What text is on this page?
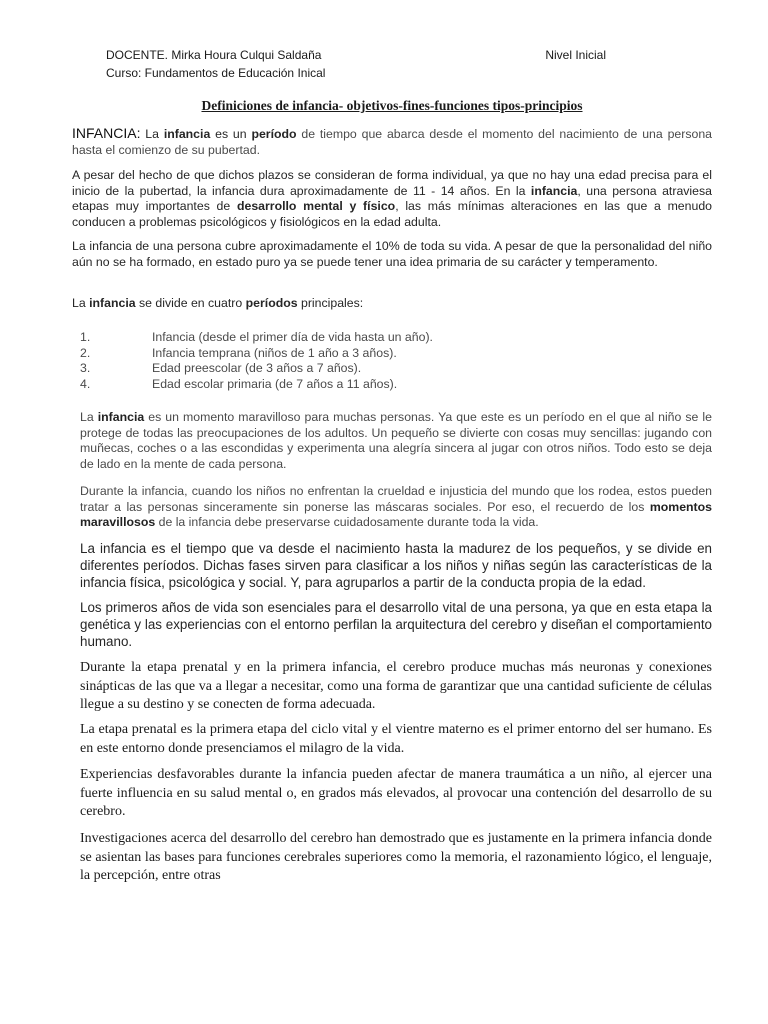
DOCENTE. Mirka Houra Culqui Saldaña	Nivel Inicial
Curso: Fundamentos de Educación Inical
Definiciones de infancia- objetivos-fines-funciones tipos-principios
INFANCIA: La infancia es un período de tiempo que abarca desde el momento del nacimiento de una persona hasta el comienzo de su pubertad.
A pesar del hecho de que dichos plazos se consideran de forma individual, ya que no hay una edad precisa para el inicio de la pubertad, la infancia dura aproximadamente de 11 - 14 años. En la infancia, una persona atraviesa etapas muy importantes de desarrollo mental y físico, las más mínimas alteraciones en las que a menudo conducen a problemas psicológicos y fisiológicos en la edad adulta.
La infancia de una persona cubre aproximadamente el 10% de toda su vida. A pesar de que la personalidad del niño aún no se ha formado, en estado puro ya se puede tener una idea primaria de su carácter y temperamento.
La infancia se divide en cuatro períodos principales:
1.	Infancia (desde el primer día de vida hasta un año).
2.	Infancia temprana (niños de 1 año a 3 años).
3.	Edad preescolar (de 3 años a 7 años).
4.	Edad escolar primaria (de 7 años a 11 años).
La infancia es un momento maravilloso para muchas personas. Ya que este es un período en el que al niño se le protege de todas las preocupaciones de los adultos. Un pequeño se divierte con cosas muy sencillas: jugando con muñecas, coches o a las escondidas y experimenta una alegría sincera al jugar con otros niños. Todo esto se deja de lado en la mente de cada persona.
Durante la infancia, cuando los niños no enfrentan la crueldad e injusticia del mundo que los rodea, estos pueden tratar a las personas sinceramente sin ponerse las máscaras sociales. Por eso, el recuerdo de los momentos maravillosos de la infancia debe preservarse cuidadosamente durante toda la vida.
La infancia es el tiempo que va desde el nacimiento hasta la madurez de los pequeños, y se divide en diferentes períodos. Dichas fases sirven para clasificar a los niños y niñas según las características de la infancia física, psicológica y social. Y, para agruparlos a partir de la conducta propia de la edad.
Los primeros años de vida son esenciales para el desarrollo vital de una persona, ya que en esta etapa la genética y las experiencias con el entorno perfilan la arquitectura del cerebro y diseñan el comportamiento humano.
Durante la etapa prenatal y en la primera infancia, el cerebro produce muchas más neuronas y conexiones sinápticas de las que va a llegar a necesitar, como una forma de garantizar que una cantidad suficiente de células llegue a su destino y se conecten de forma adecuada.
La etapa prenatal es la primera etapa del ciclo vital y el vientre materno es el primer entorno del ser humano. Es en este entorno donde presenciamos el milagro de la vida.
Experiencias desfavorables durante la infancia pueden afectar de manera traumática a un niño, al ejercer una fuerte influencia en su salud mental o, en grados más elevados, al provocar una contención del desarrollo de su cerebro.
Investigaciones acerca del desarrollo del cerebro han demostrado que es justamente en la primera infancia donde se asientan las bases para funciones cerebrales superiores como la memoria, el razonamiento lógico, el lenguaje, la percepción, entre otras
